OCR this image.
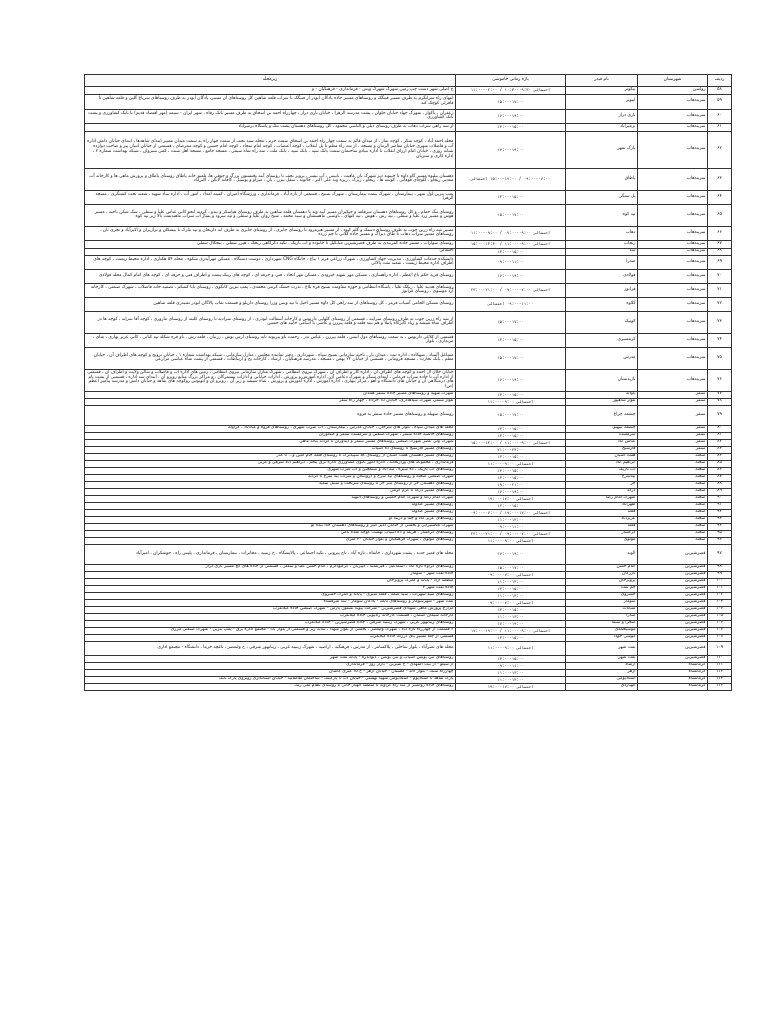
ردیف	شهرستان	نام فیدر	بازه زمانی خاموشی	زیرمحله
۵۸	رواسن	نیکوتر	احتمالی ۰۹:۳۰-۱۰:۳۰ / ۰۲:۰۰-۱۱:۰۰	خ اصلی شهر دست چپ زمین شهرک شهرک ویس - فرمانداری - فرهنگیان - و
۵۹	سربندهاب	ابیوتر	۱۵:۰۰-۱۷:۰۰	انتهای راه سرابگرم به طرف مسیر فینگک و روستاهای مسیر جاده پادگان ابوذر از فینگک تا سراب قلعه شاهین کل روستاهای ان مسیر، پادگان ابوذر به طرف روستاهای سرپاغ گلین و قلعه شاهین تا قاقرلی کوچک کنه
۶۰	سربندهاب	باری دراز	۱۷:۰۰-۱۹:۰۰	زعفران ، پاکوار ، شهرک جهاد خیابان حلوان ، پشت مدرسه الزهرا ، خیابان باری دراز ، چهارراه احمد بن اسحاق به طرف مسیر بانک رفاه ، شهر ایران - سیمه (مهر اقتصاد قدیم) تا بانک کشاورزی و پشت بانک کشاورزی
۶۱	سربندهاب	بزمیرآباد	۱۳:۰۰-۱۵:۰۰	از سه راهی سراب ذهاب به طرف روستای دیلی و الیاسی محمود ، کل روستاهای دهستان پشت تنگ و پاسگاه بزمیرآباد
۶۲	سربندهاب	پارک شهر	۱۷:۰۰-۱۹:۰۰	محله احمد آباد ، کوچه شکر ، کوچه نماز ، از میدان قائم به سمت چهار راه احمد بن اسحاق سمت حرم ، محله سید نجف از سمت چهار راه به سمت میدان مسیر ابتدای شاهدها ، ابتدای خیابان دانش اداره آب و فاضلاب شهری خیابان معاصر الزمان و مسجد ، از سه راه معلم تا پل انقلاب ، کوچه اعتصاب ، کوچه امام سجاد ، کوچه امام حسین و کوچه ممرضای ، قسمتی از خیابان ابنیان پیر و صاحب دوازده شبانه روزی ، خیابان امام ارزاق انقلاب تا اداره بنیادو ساختمان سمت بانک سپه ، بانک سپه ، بانک ملت ، سه راه شاه سیفی ، مسجد جامع ، مسجد اهل سنت ، کمی سبزوان ، شبکه بهداشت شماره ۲ ، اداره کاری و سبزیان
۶۳	سربندهاب	پاطاق	۰۹:۰۰-۰۷:۰۰ / ۱۵:۰۰-۱۷:۰۰ احتمالی	دهستان بیلیوه مسیر گاو داوه تا جبیوند دیز شهرک بان عافیت ، بابیس ، آب بیسر ، پرویز نجف تا روستای آینه پختستون بزرگ و جوقی ها، تلعیم خانه پاطاق روستای پاطاق و پرورش ماهی ها و کارخانه آب معدنی ریجاو ، گلوچای فوقانی ، کوسه ها ، ریجاو ، زیرک ، ریزه وند علی اکبر ، جالوند ، سقل نیژن ، بان ، میژاو و بوسیل ، گافانه لانکن ، اکبرآباد
۶۴	سربندهاب	پل سنگی	۱۳:۰۰-۱۵:۰۰	پمپ بنزین اول شهر ، بیمارستان ، شهرک پشت بیمارستان ، شهرک بسیج ، قسمتی از تازه آباد ، فرمانداری ، ورزشگاه امیران ، کمیته امداد ، امور آب ، اداره بنیاد شهید ، شعبه تحت کشتگری ، مسجد الزهرا
۶۵	سربندهاب	تپه کوه	۱۵:۰۰-۱۷:۰۰	روستای تنگ حمام ، و کل روستاهای دهستان سرقلعه و جیکیران مسیر آینه وند تا دهستان قلعه شاهین به طرف روستای هیاسکر و بیدو ، گردنه انحو کانی عباس علیا و سفلی ، سک شکن ناحیه ، مسیر هوش و مسیر زرد علیا و سفلی ، تپه رش ، هوش ، تپه کتهای ، باوسنی ماهسشان و سید محمد ، شیخ زوان علیا و سفلی و تپه سرود و پمپاژ آب سراب ماهیدشت بالا زیر تپه کوه
۶۶	سربندهاب	ذهاب	احتمالی ۰۹:۰۰-۰۷:۰۰ / ۰۹:۰۰-۱۱:۰۰	مسیر سه راه زرین جوب به طرف روستای دستک و گلم کبود ، از مسیر هیرمرود تا روستای جابری ، از روستای جابری به طرف ابه داربخان و تپه مارک تا بیشکان و برازیزان و اکبرآباد و تجری تان ، روستاهای مسیر سراب ذهاب تا طاق دیزاگ و مسیر جاده گلانی تا چم زرده
۶۷	سربندهاب	ریجاب	احتمالی ۰۹:۰۰-۱۱:۰۰ / ۱۳:۳۰-۱۵:۰۰	روستای سواراب ، مسیر جاده کمربندی به طرف قصرشیرین میانکیل تا خانوده و آب باریک ، تکیه دکرگاهی ریجک ، هیزر سفلی ، بیجگال سفلی
۶۸	سربندهاب	سد	۱۳:۰۰-۱۵:۰۰	احتمالی
۶۹	سربندهاب	صدرا	۰۹:۰۰-۱۱:۰۰	دانشکده خدمات کشاورزی ، مدیریت جهاد کشاورزی ، شهرک زراعی فرم ۱ بیاع ، جایگاه CNG شهرداری ، دوست دستگاه ، مسکن مهرآبدری شکوه ، محله ۵۴ هکتاری ، اداره محیط زیست ، کوچه های اطراف اداره محیط زیست ، شعبه نفت پالائی
۷۰	سربندهاب	فولادی	۱۷:۰۰-۱۹:۰۰	روستای فریه حکم باغ اعظم ، اداره راهسازی ، مسکن مهر شهید خبرودی ، مسکن مهر اتحاد ، فنی و حرفه ای ، کوچه های ریبک پشت و اطراف فنی و حرفه ای ، کوچه های امام کمال محله فولادی
۷۱	سربندهاب	قرابوز	احتمالی ۰۷:۰۰-۰۹:۰۰ / ۲۱:۰۰-۲۳:۰۰	روستاهای هدیند علیا ، ریکک علیا ، پاسگاه انتظامی و حوزه مقاومت بسیج قره بلاغ ، تذرت خشک کرمی محمدی ، پمپ بنزین کانگوی ، روستای بابا کشکم ، تصفیه خانه فاضلاب ، شهرک صنعتی ، کارخانه آرد موسوی ، روستای قرابوز
۷۲	سربندهاب	گلاوه	۰۹:۰۰-۱۱:۰۰ احتمالی	روستای مسکن الجامی آسیاب قرمز ، کل روستاهای از سه راهی کل داوه مسیر اخیل تا تپه ویس وزرا روستای دارپلو و قسمت نقاب پالاگان ابوذر بعثیدری قلعه شاهین
۷۳	سربندهاب	کوییک	۱۵:۰۰-۱۷:۰۰	از سه راه زرین جوب به طرف روستای سراییه ، قسمتی از روستای کلهایی داریوس و کارخانه آسفالت ابوذری ، از روستای سرادیه تا روستای کلینه از روستای ماروری ، کوچه آقا سرایه ، کوچه ها در اطراف شاه شیشه و زیاد کابرگاه پانیلا و هم بیند قلعه و قلعه پیرزن و عاشی با اسامی خانیه های حسین
۷۴	سربندهاب	کرمسیری	۱۳:۰۰-۱۵:۰۰	قسمتی از کلاغی داریوس ، به سمت روستاهای دول انیس ، قلعه پیرزن ، عباس نذر ، رحمت ناو پیریونه نایه روستای ارس نوش ، رزیبان ، قلعه رش ، ناو فره شکله تپه کنانی ، کانی عزیز بهاری ، شای ، مزیداری ، بلوار
۷۵	سربندهاب	مدرس	۱۵:۰۰-۱۷:۰۰	مشاغل آلبنیاد ، شهکاده ، اداره ثبت ، میدان بار ، ناحیه سازمانی بسیج سپاه ، شهرداری ، دفتر نماینده مجلس ، منازل سازمانی ، شبکه بهداشت شماره ۱ ، خیابان ترویج و کوچه های اطراف آن ، خیابان معلم ، بانک تجارت ، مسجد فرومانی ، قسمتی از خیابان ۲۲ بهمن ، مسجد ، مدرسه فرهنگیان ، ارشاد ، کارخانه یخ و ارتباطات ، قسمتی از پشت شاه عباسی مزارعی
۷۶	سربندهاب	نازندستان	۱۷:۰۰-۱۹:۰۰	خیابان جلال آل احمد و کوچه های اطراف آن ، اداره گاز و اطراف آن ، شهرک نیروی انتظامی ، شهرک منازل سازمانی نیروی انتظامی ، زمین های اداره آب و فاضلاب و سالن ولایت و اطراف آن ، قسمتی از اداره آب تا جاده سراب فرمانی ، ابتدای سنگر و شهرک دعامی آن ، اداره آموزش و پرورش ، ادارات خیابانی و ادارات پیشمرگان ، و مراکز بزرگ منابع رویرو آن ، ابتدای سه اداره ، قسمتی از پشت بام های درمنگاهی آن و خیابان های دانشگاه و آهو ، مرکز بیهاری ، اداره آموزش ، اداره آموزش و پرورش ، شاه شیشه و زیر آن ، روبرو آن و اتوبوس روکوچه های شاهد و خیابان دانش و مدرسه پیامبر اعظم (ص)
۷۷	سنقر	باواله	۱۳:۰۰-۱۵:۰۰	شهرک شهید و روستاهای مسیر جاده سنقر همدان
۷۸	سنقر	بلوار شاهپور	احتمالی ۰۹:۰۰-۱۱:۰۰	بلوار سنقر، شهرک سپاهداری، خیابان ۱۵ خرداد ، چهار راه سقر
۷۹	سنقر	چشمه چراغ	۱۵:۰۰-۱۷:۰۰	روستای سهیله و روستاهای مسیر جاده سنقر به فروه
۸۰	سنقر	چشمه سهیل	۱۳:۰۰-۱۵:۰۰	محله های میدان سپاه ، بلوار های سرخان ، خیابان مدرس ، بیمارستان ، آب شرب شهری ، روستاهای فروه و غیاثاباد ، کراوله
۸۱	سنقر	سرمست	۱۳:۰۰-۱۵:۰۰	روستاهای حاشیه جاده سنقر ، شهرک صنعتی و سرمست سنقر و کنگاوران
۸۲	سنقر	عباس آباد	احتمالی ۰۹:۰۰-۱۱:۰۰ / ۱۳:۰۰-۱۵:۰۰	شهرک ولی عصر شهرک صنعتی روستاهای مسیر سنقر و دیناوران تا گردنه بیاله ماهی
۸۳	سنقر	فارسیج	۲۱:۰۰-۲۳:۰۰	روستاهای مسیر فارسیج تا روستای ده اسپاب
۸۴	صحنه	هفت آشیان	۱۳:۰۰-۱۵:۰۰	روستاهای مسیر دهستان هفت آشیان از روستای گلا سپیدبرگ تا روستای قلعه جام امین و... تا کذر
۸۵	صحنه	ابراهیم آباد	احتمالی ۰۹:۰۰-۱۱:۰۰	فرمانداری ، مجموعه های وزارتخانه ، اداره امور بانوی کشاورزی اداره برق پنجم ، ابراهیم آباد شرقی و غربی
۸۶	صحنه	آب باریک	۱۳:۰۰-۱۵:۰۰	روستاهای آب باریک ، ده سبزه ، تپه آباد و سنگچین و آب شرب شهری
۸۷	صحنه	بیدسرخ	۱۳:۰۰-۱۵:۰۰	شهرک صنعتی صحنه و روستاهای بید سرخ و دروینکان و سراب بید سرخ تا گردنه
۸۸	صحنه	حر	۱۹:۰۰-۲۱:۰۰	روستاهای دهستان حر از روستای تنبر حر تا روستای سرتخت و سنبل سعید
۸۹	صحنه	درکه	۱۷:۰۰-۱۹:۰۰	روستاهای مسیر درکه تا کرم گرمی
۹۰	صحنه	شهرک امام رضا	احتمالی ۱۷:۰۰-۱۹:۰۰	شهرک امام رضا و شهرک امام خمینی و روستاهای البهیه
۹۱	صحنه	ظهرآباد	۱۳:۰۰-۱۵:۰۰	روستاهای مسیر کندوله
۹۲	صحنه	قلعه	احتمالی ۱۷:۰۰-۱۹:۰۰ / ۰۷:۰۰-۰۹:۰۰	روستاهای مسیر کندوله
۹۳	صحنه	عزیزآباد	۱۱:۰۰-۱۳:۰۰	روستاهای عزیز آباد و چقا و دربند او
۹۴	صحنه	قلعه	۰۹:۰۰-۱۱:۰۰	شهرک تلکسیرایی و بخشی از خیابان امیر کبیر و روستاهای دهستان خدا بنده لو
۹۵	صحنه	گرگسار	احتمالی ۰۷:۰۰-۰۹:۰۰ / ۲۱:۰۰-۲۳:۰۰	روستاهای گرگسار ، هریله و ده اسیاب بهست کوچه ملده نامی
۹۶	صحنه	مولوی	احتمالی ۰۹:۰۰-۱۱:۰۰	روستاهای مولوی ، شهرک فرهنگیان و بلوار خیابان ۴۰ متری
۹۷	قصرشیرین	الوند	۱۷:۰۰-۱۹:۰۰	محله های قصر جدید ، پشت شهرداری ، خانقاه ، تازه آباد ، تاج پیرونی ، تکیه اجتماعی ، پالایشگاه ، خ زینبیه ، مخابرات ، بیمارستان ، فرمانداری ، پلیس راه ، حوشکران ، امیرآباد
۹۸	قصرشیرین	امام حسن	۱۵:۰۰-۱۷:۰۰	روستاهای کراوه تازه آباد ، اسماعیل ، قیرشلبه ، کپیزبان ، گرکیواکرم ، امام حسن علیا و سفلی ، قسمتی از جاده های گچ مسیر باری دراز
۹۹	قصرشیرین	بازرگان	احتمالی ۰۷:۰۰-۰۹:۰۰	جاده نفت شهر - سومار
۱۰۰	قصرشیرین	پرویزخان	۱۱:۰۰-۱۳:۰۰	منطقه آزاد - پایانه و گمرک پرویزخان
۱۰۱	قصرشیرین	چم نفت	۱۳:۰۰-۱۵:۰۰	جاده نفت شهر ۳
۱۰۲	قصرشیرین	خسروی	۱۱:۰۰-۱۳:۰۰	روستاهای سید سهراب ، سید صمد ، قلعه سبزی - پایانه و گمرک خسروی
۱۰۳	قصرشیرین	سومار	احتمالی ۰۷:۰۰-۰۹:۰۰	نفت شهر - شهرسومار و روستاهای تابعه - پادگان سومار - سد شرفشاه
۱۰۴	قصرشیرین	شبانات	۱۳:۰۰-۱۵:۰۰	مزارع پرورش ماهی شهدای قصرشیرین - شرکت پیوند بستون پارس - شهرک صنعتی جاده گیلانغرب
۱۰۵	قصرشیرین	صدرا	۱۱:۰۰-۱۳:۰۰	کارخانه سیمان آسمان ، قسمت کارخانه رادیویی جاده گیلانغرب
۱۰۶	قصرشیرین	صحرا و سیما	۱۷:۰۰-۱۹:۰۰	روستاهای زیبانهور غربی ، شهرک زینبیه شرقی ، جاده قصرشیرین - جاده گیلانغرب
۱۰۷	قصرشیرین	موسیحمدی	احتمالی ۰۹:۰۰-۱۱:۰۰ / ۱۹:۰۰-۱۷:۰۰	۲ قسمت از چهارراه تازه آباد ، شهرک ولیعصر ، بخشی از بلوار شهدا ، سایه زیر و قسمتی از بلوار بابا - مجتمع اداره برق - پمپ بنزین - شهرک صنعتی مرزی
۱۰۸	قصرشیرین	موسی خودا	۱۳:۰۰-۱۵:۰۰	قسمتی از چغا مسیر پای درزگه جاده گیلانغرب
۱۰۹	قصرشیرین	نفت شهر	احتمالی ۰۹:۰۰-۱۱:۰۰	محله های نصرآباد ، بلوار ساحلی ، پلاکسانتر ، از مدرس ، فرهنگیه ، اراضیه ، شهرک زینبیه غربی ، زیبانهور شرقی ، خ ولیعصر ، باغچه خرما ، دانشگاه - مجتمع اداری
۱۱۰	قصرشیرین	نفت شهر	۱۳:۰۰-۱۵:۰۰	روستاهای نبی یونس آسیاب و نبی یونس ، دیواندره - پایانه نفت شهر
۱۱۱	کرمانشاه	ارشاد	۰۹:۰۰-۱۱:۰۰	از سیلو - از بیت المهدی - خ شیرین - بازار روز - فرمانداری
۱۱۲	کرمانشاه	ازهر	۱۱:۰۰-۱۳:۰۰	چهارراه سنگ - بلوار لاله - گلستان - خیابان ازهر - خ ۱۵ متری کاشان
۱۱۳	کرمانشاه	استادیومی	۱۱:۰۰-۱۳:۰۰	پارک شاهد تا استادیوم - استادیومی شهید بهشتی - خیابان آب تا پارکینگ - ساختمان طالقانیه - خیابان استانداری روبروی پارک بانک
۱۱۴	کرمانشاه	الهیاردی	احتمالی ۱۷:۰۰-۱۹:۰۰	روستاهای جاده روانسر از سه راه کراوند تا منطقه الهیار خانی تا روستای نظام ملی رنگ
